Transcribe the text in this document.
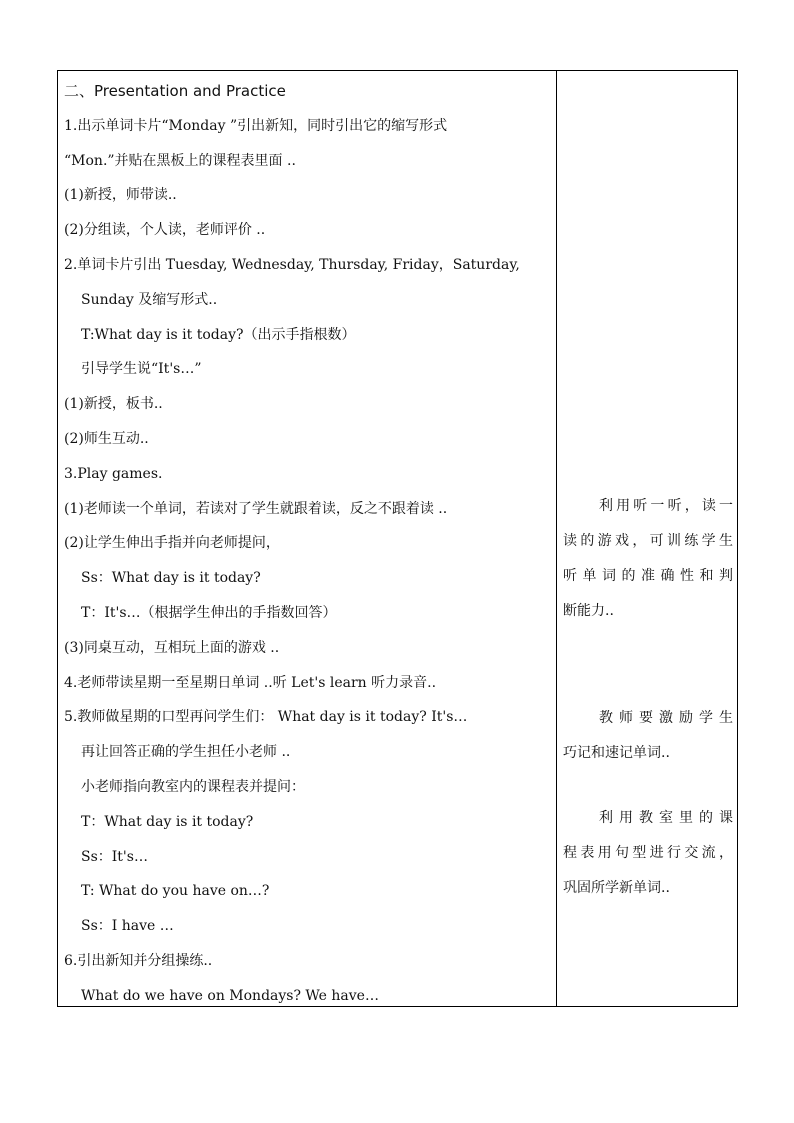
二、Presentation and Practice
1.出示单词卡片“Monday ”引出新知，同时引出它的缩写形式
“Mon.”并贴在黑板上的课程表里面 ..
(1)新授，师带读..
(2)分组读，个人读，老师评价 ..
2.单词卡片引出 Tuesday, Wednesday, Thursday, Friday，Saturday,
Sunday 及缩写形式..
T:What day is it today?（出示手指根数）
引导学生说“It's…”
(1)新授，板书..
(2)师生互动..
3.Play games.
(1)老师读一个单词，若读对了学生就跟着读，反之不跟着读 ..
(2)让学生伸出手指并向老师提问，
Ss：What day is it today?
T：It's…（根据学生伸出的手指数回答）
(3)同桌互动，互相玩上面的游戏 ..
4.老师带读星期一至星期日单词 ..听 Let's learn 听力录音..
5.教师做星期的口型再问学生们： What day is it today? It's…
再让回答正确的学生担任小老师 ..
小老师指向教室内的课程表并提问：
T：What day is it today?
Ss：It's…
T: What do you have on…?
Ss：I have …
6.引出新知并分组操练..
What do we have on Mondays? We have…
利用听一听，读一
读的游戏，可训练学生
听单词的准确性和判
断能力..
教师要激励学生
巧记和速记单词..
利用教室里的课
程表用句型进行交流，
巩固所学新单词..
